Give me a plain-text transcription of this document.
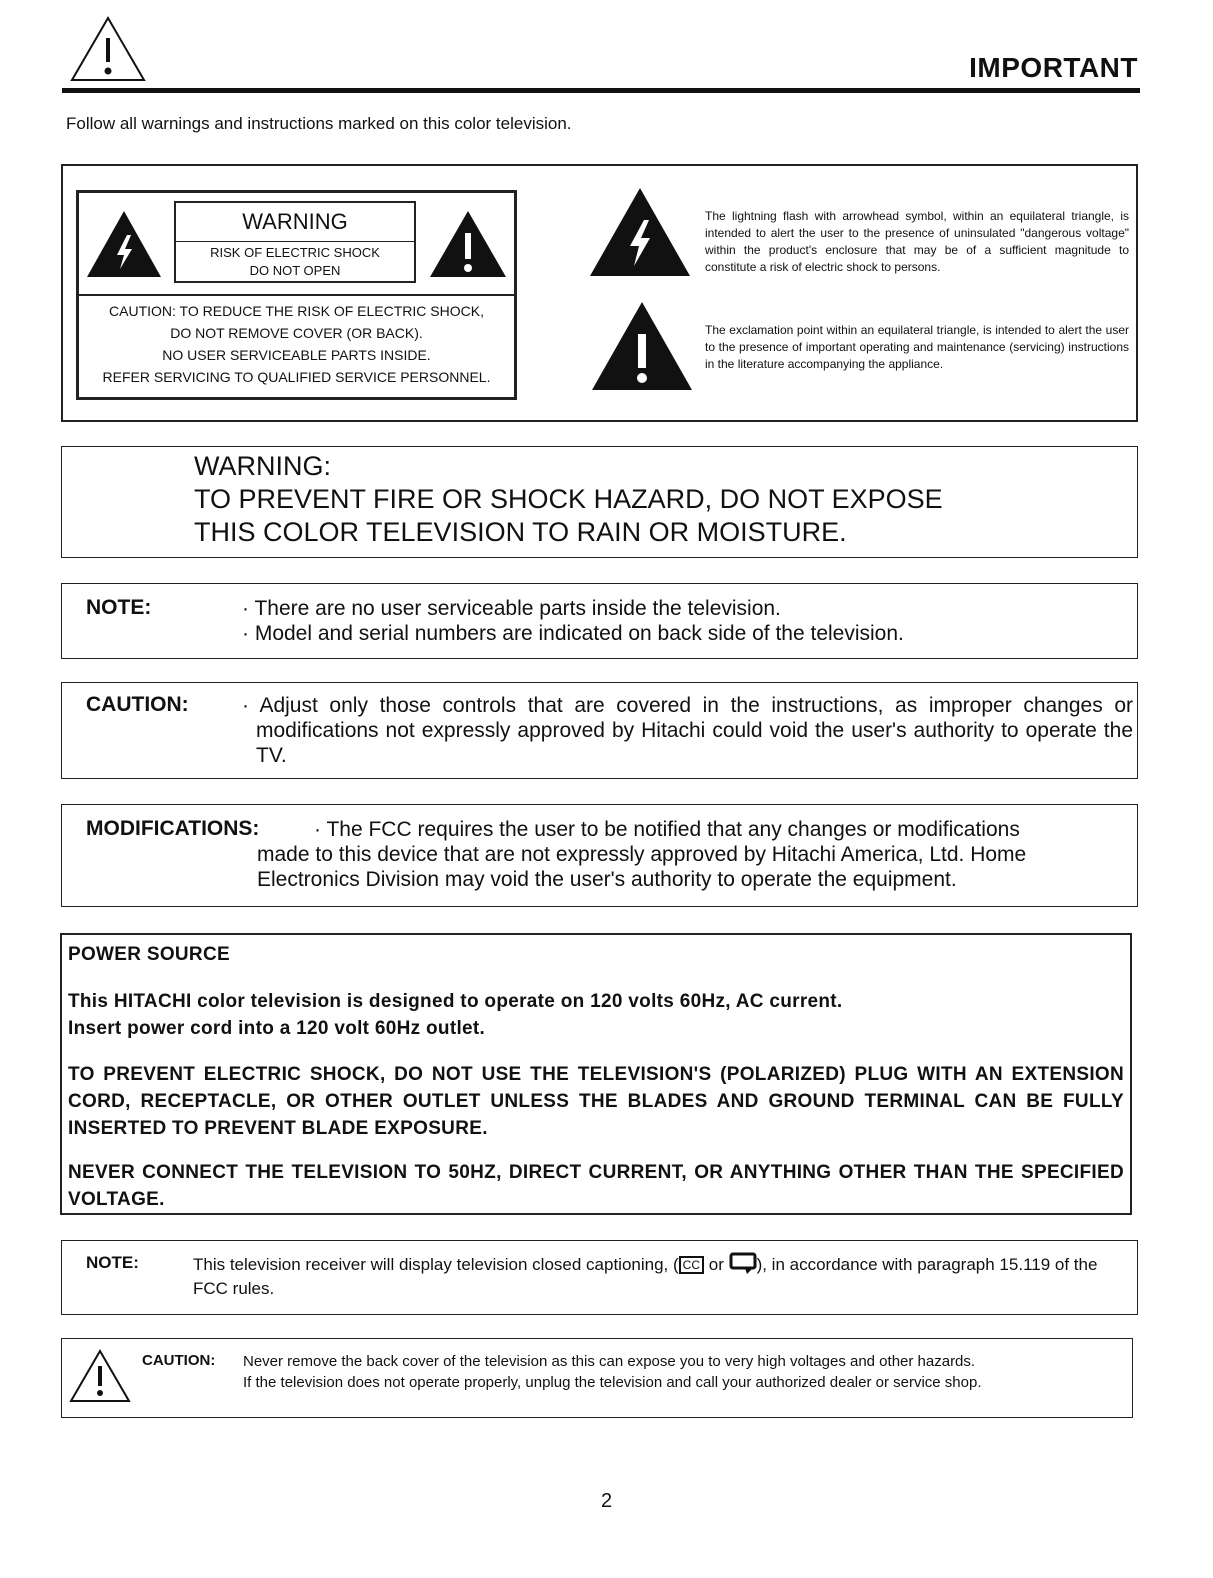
IMPORTANT
Follow all warnings and instructions marked on this color television.
WARNING
RISK OF ELECTRIC SHOCK
DO NOT OPEN
CAUTION: TO REDUCE THE RISK OF ELECTRIC SHOCK,
DO NOT REMOVE COVER (OR BACK).
NO USER SERVICEABLE PARTS INSIDE.
REFER SERVICING TO QUALIFIED SERVICE PERSONNEL.
The lightning flash with arrowhead symbol, within an equilateral triangle, is intended to alert the user to the presence of uninsulated "dangerous voltage" within the product's enclosure that may be of a sufficient magnitude to constitute a risk of electric shock to persons.
The exclamation point within an equilateral triangle, is intended to alert the user to the presence of important operating and maintenance (servicing) instructions in the literature accompanying the appliance.
WARNING:
TO PREVENT FIRE OR SHOCK HAZARD, DO NOT EXPOSE
THIS COLOR TELEVISION TO RAIN OR MOISTURE.
NOTE:	· There are no user serviceable parts inside the television.
· Model and serial numbers are indicated on back side of the television.
CAUTION:	· Adjust only those controls that are covered in the instructions, as improper changes or modifications not expressly approved by Hitachi could void the user's authority to operate the TV.
MODIFICATIONS:	· The FCC requires the user to be notified that any changes or modifications
made to this device that are not expressly approved by Hitachi America, Ltd. Home Electronics Division may void the user's authority to operate the equipment.
POWER SOURCE
This HITACHI color television is designed to operate on 120 volts 60Hz, AC current.
Insert power cord into a 120 volt 60Hz outlet.
TO PREVENT ELECTRIC SHOCK, DO NOT USE THE TELEVISION'S (POLARIZED) PLUG WITH AN EXTENSION CORD, RECEPTACLE, OR OTHER OUTLET UNLESS THE BLADES AND GROUND TERMINAL CAN BE FULLY INSERTED TO PREVENT BLADE EXPOSURE.
NEVER CONNECT THE TELEVISION TO 50HZ, DIRECT CURRENT, OR ANYTHING OTHER THAN THE SPECIFIED VOLTAGE.
NOTE:	This television receiver will display television closed captioning, ( CC or ), in accordance with paragraph 15.119 of the FCC rules.
CAUTION: Never remove the back cover of the television as this can expose you to very high voltages and other hazards.
If the television does not operate properly, unplug the television and call your authorized dealer or service shop.
2
